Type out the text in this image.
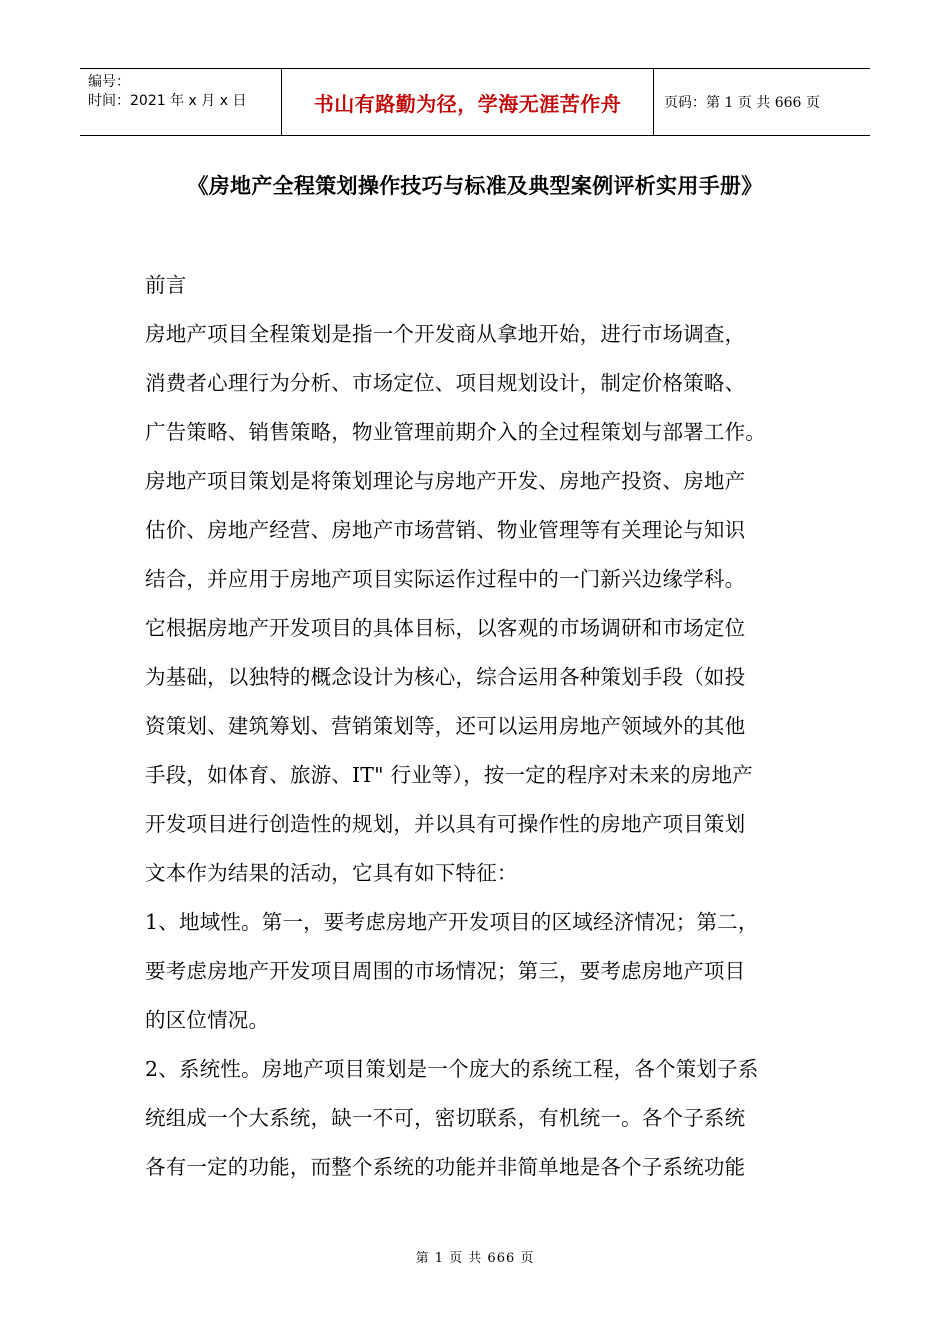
编号：
时间：2021 年 x 月 x 日	书山有路勤为径，学海无涯苦作舟	页码：第 1 页 共 666 页
《房地产全程策划操作技巧与标准及典型案例评析实用手册》
前言
房地产项目全程策划是指一个开发商从拿地开始，进行市场调查，
消费者心理行为分析、市场定位、项目规划设计，制定价格策略、
广告策略、销售策略，物业管理前期介入的全过程策划与部署工作。
房地产项目策划是将策划理论与房地产开发、房地产投资、房地产
估价、房地产经营、房地产市场营销、物业管理等有关理论与知识
结合，并应用于房地产项目实际运作过程中的一门新兴边缘学科。
它根据房地产开发项目的具体目标，以客观的市场调研和市场定位
为基础，以独特的概念设计为核心，综合运用各种策划手段（如投
资策划、建筑筹划、营销策划等，还可以运用房地产领域外的其他
手段，如体育、旅游、IT" 行业等），按一定的程序对未来的房地产
开发项目进行创造性的规划，并以具有可操作性的房地产项目策划
文本作为结果的活动，它具有如下特征：
1、地域性。第一，要考虑房地产开发项目的区域经济情况；第二，
要考虑房地产开发项目周围的市场情况；第三，要考虑房地产项目
的区位情况。
2、系统性。房地产项目策划是一个庞大的系统工程，各个策划子系
统组成一个大系统，缺一不可，密切联系，有机统一。各个子系统
各有一定的功能，而整个系统的功能并非简单地是各个子系统功能
第 1 页 共 666 页
